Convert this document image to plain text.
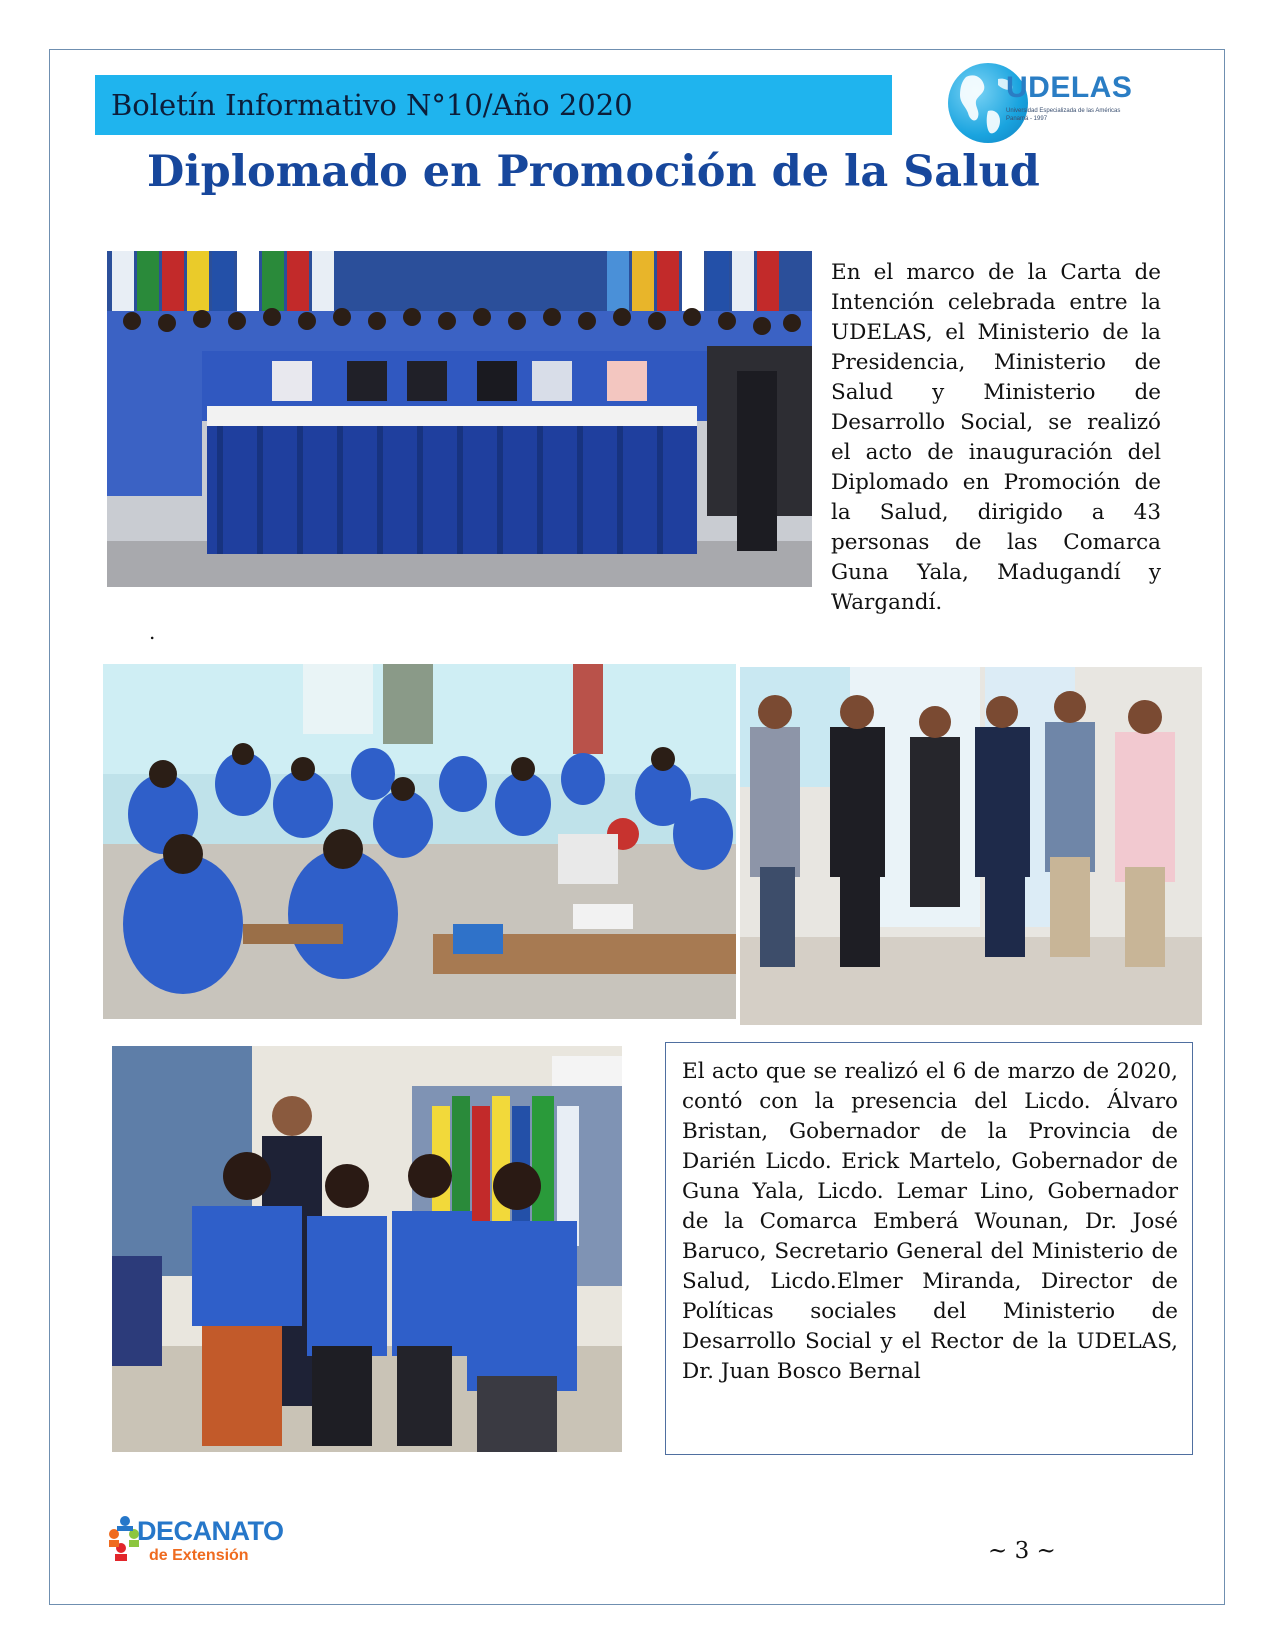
Boletín Informativo N°10/Año 2020
UDELAS
Universidad Especializada de las Américas
Panamá - 1997
Diplomado en Promoción de la Salud

En el marco de la Carta de Intención celebrada entre la UDELAS, el Ministerio de la Presidencia, Ministerio de Salud y Ministerio de Desarrollo Social, se realizó el acto de inauguración del Diplomado en Promoción de la Salud, dirigido a 43 personas de las Comarca Guna Yala, Madugandí y Wargandí.

.

El acto que se realizó el 6 de marzo de 2020, contó con la presencia del Licdo. Álvaro Bristan, Gobernador de la Provincia de Darién Licdo. Erick Martelo, Gobernador de Guna Yala, Licdo. Lemar Lino, Gobernador de la Comarca Emberá Wounan, Dr. José Baruco, Secretario General del Ministerio de Salud, Licdo.Elmer Miranda, Director de Políticas sociales del Ministerio de Desarrollo Social y el Rector de la UDELAS, Dr. Juan Bosco Bernal

DECANATO
de Extensión	~ 3 ~
